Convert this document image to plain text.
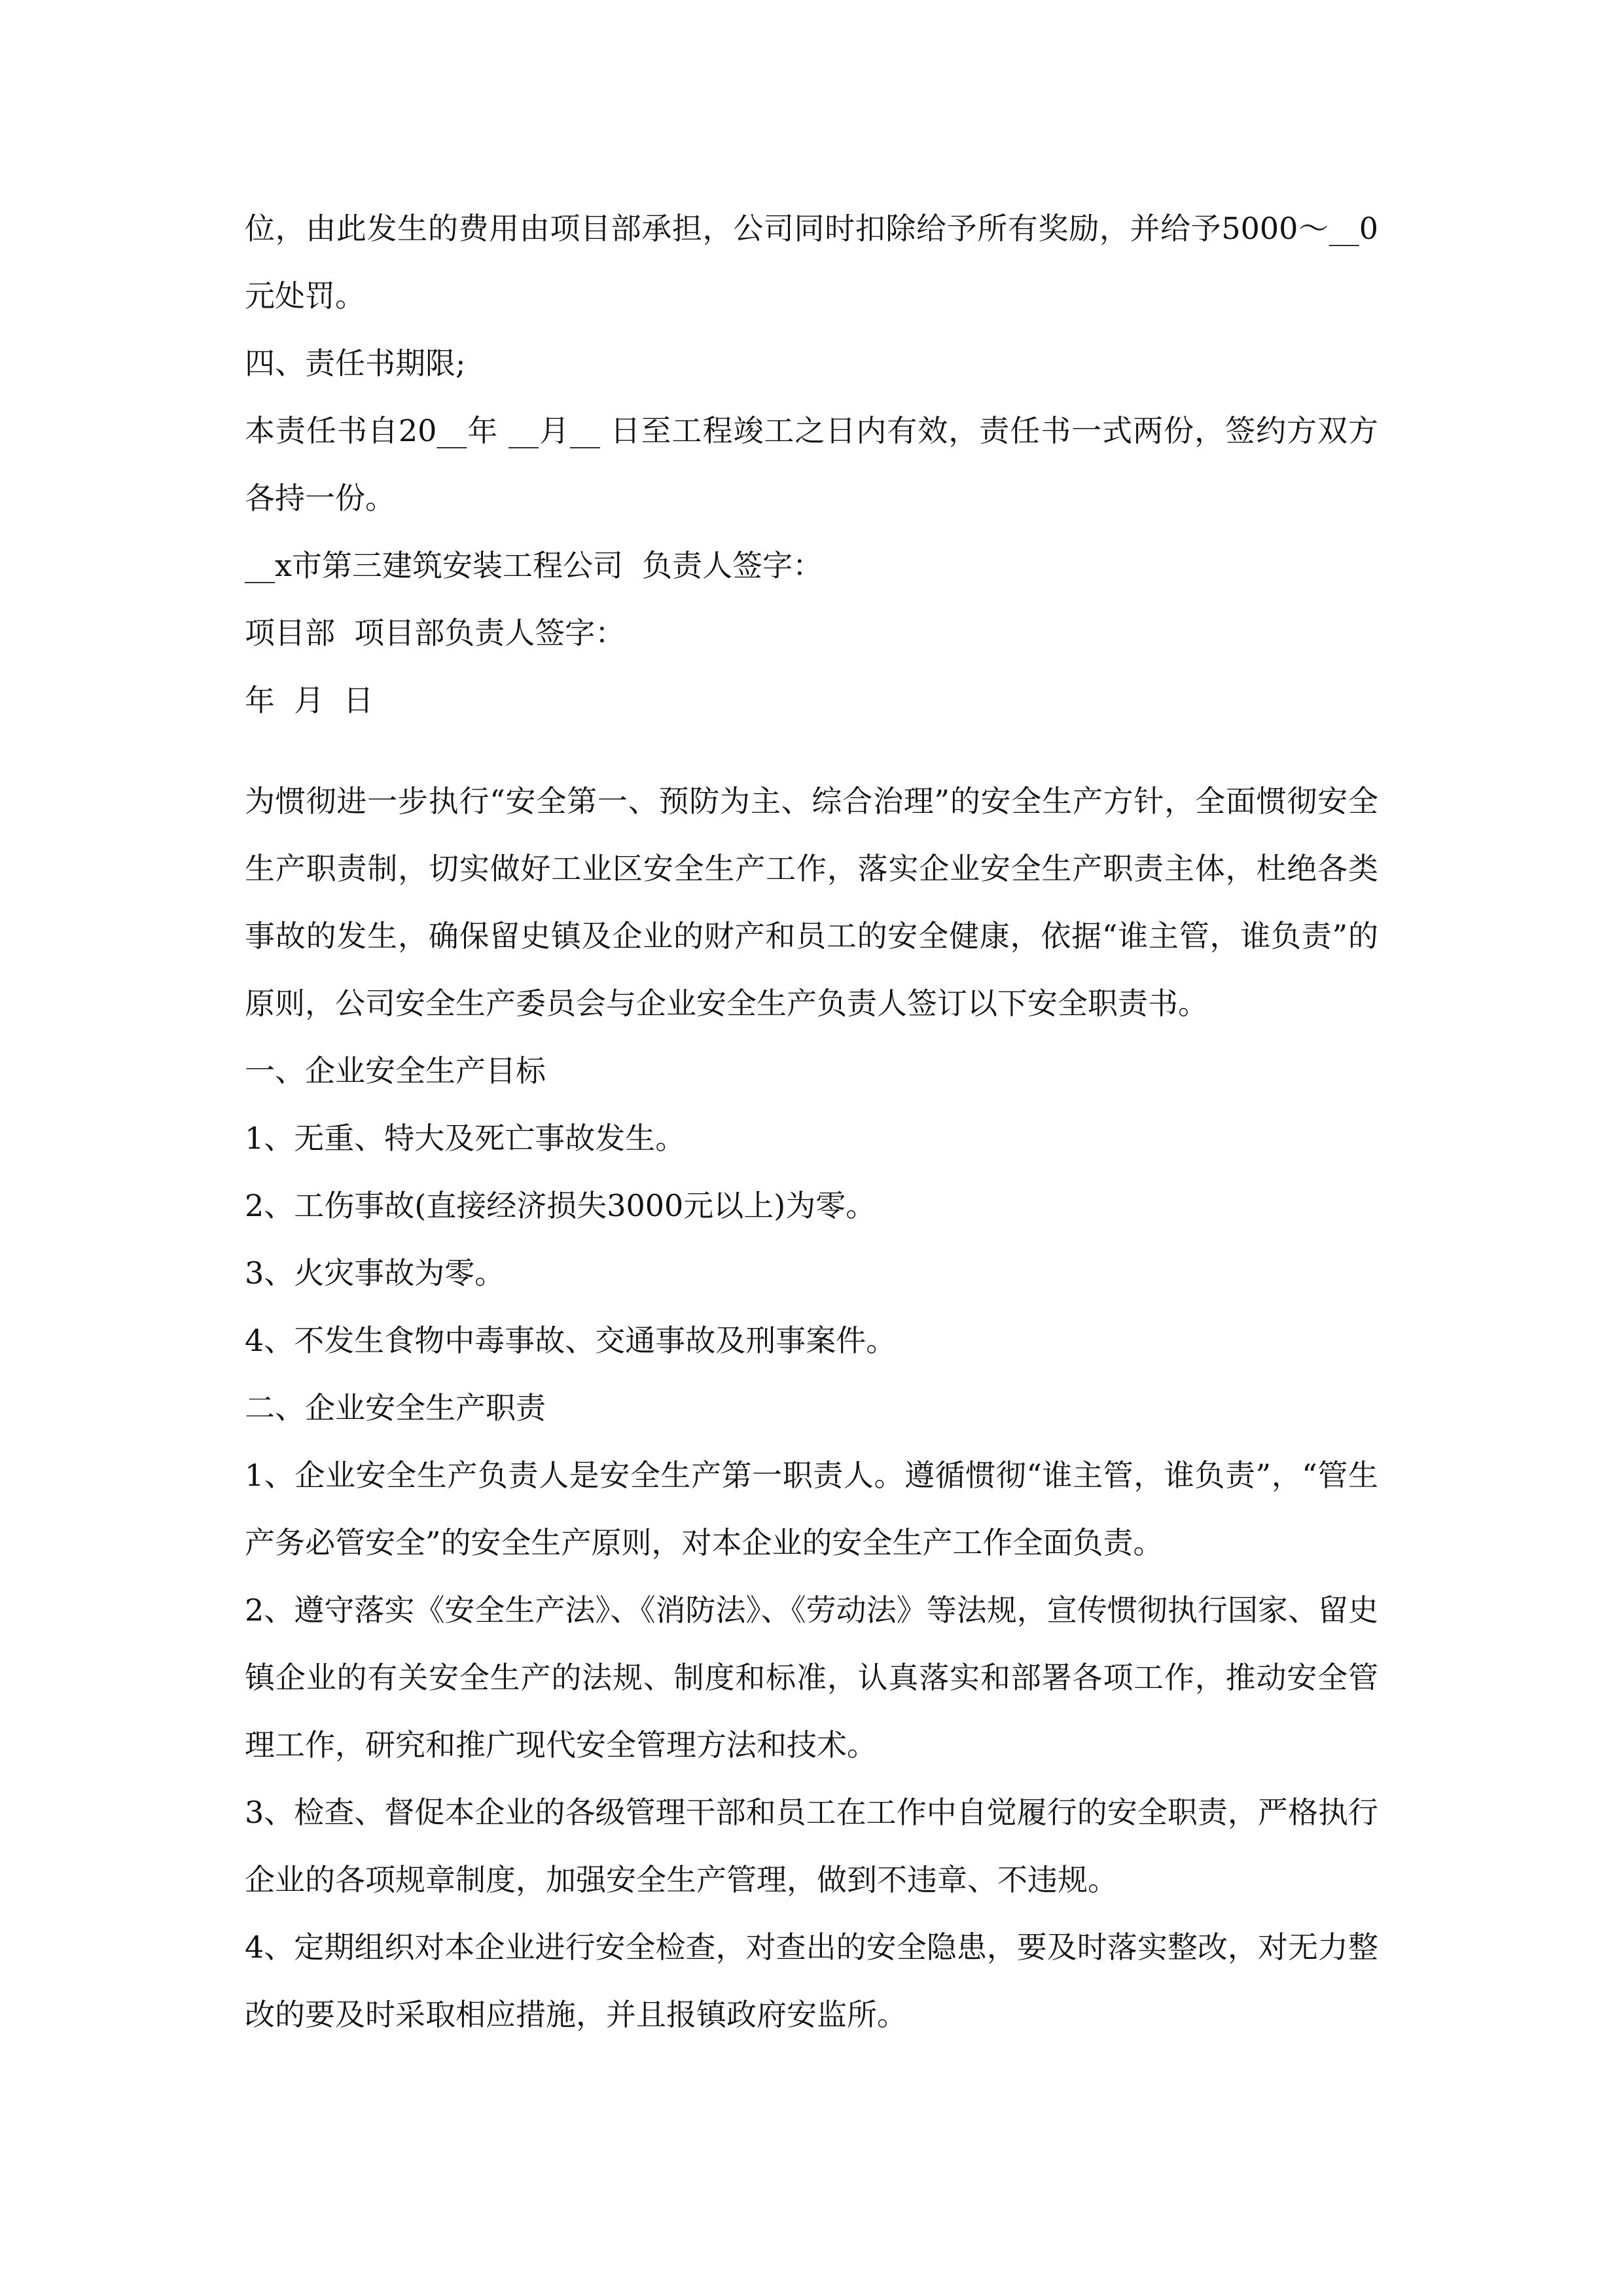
位，由此发生的费用由项目部承担，公司同时扣除给予所有奖励，并给予5000～__0元处罚。

四、责任书期限;

本责任书自20__年 __月__ 日至工程竣工之日内有效，责任书一式两份，签约方双方各持一份。

__x市第三建筑安装工程公司  负责人签字：

项目部  项目部负责人签字：

年  月  日

为惯彻进一步执行“安全第一、预防为主、综合治理”的安全生产方针，全面惯彻安全生产职责制，切实做好工业区安全生产工作，落实企业安全生产职责主体，杜绝各类事故的发生，确保留史镇及企业的财产和员工的安全健康，依据“谁主管，谁负责”的原则，公司安全生产委员会与企业安全生产负责人签订以下安全职责书。

一、企业安全生产目标

1、无重、特大及死亡事故发生。

2、工伤事故(直接经济损失3000元以上)为零。

3、火灾事故为零。

4、不发生食物中毒事故、交通事故及刑事案件。

二、企业安全生产职责

1、企业安全生产负责人是安全生产第一职责人。遵循惯彻“谁主管，谁负责”，“管生产务必管安全”的安全生产原则，对本企业的安全生产工作全面负责。

2、遵守落实《安全生产法》、《消防法》、《劳动法》等法规，宣传惯彻执行国家、留史镇企业的有关安全生产的法规、制度和标准，认真落实和部署各项工作，推动安全管理工作，研究和推广现代安全管理方法和技术。

3、检查、督促本企业的各级管理干部和员工在工作中自觉履行的安全职责，严格执行企业的各项规章制度，加强安全生产管理，做到不违章、不违规。

4、定期组织对本企业进行安全检查，对查出的安全隐患，要及时落实整改，对无力整改的要及时采取相应措施，并且报镇政府安监所。
